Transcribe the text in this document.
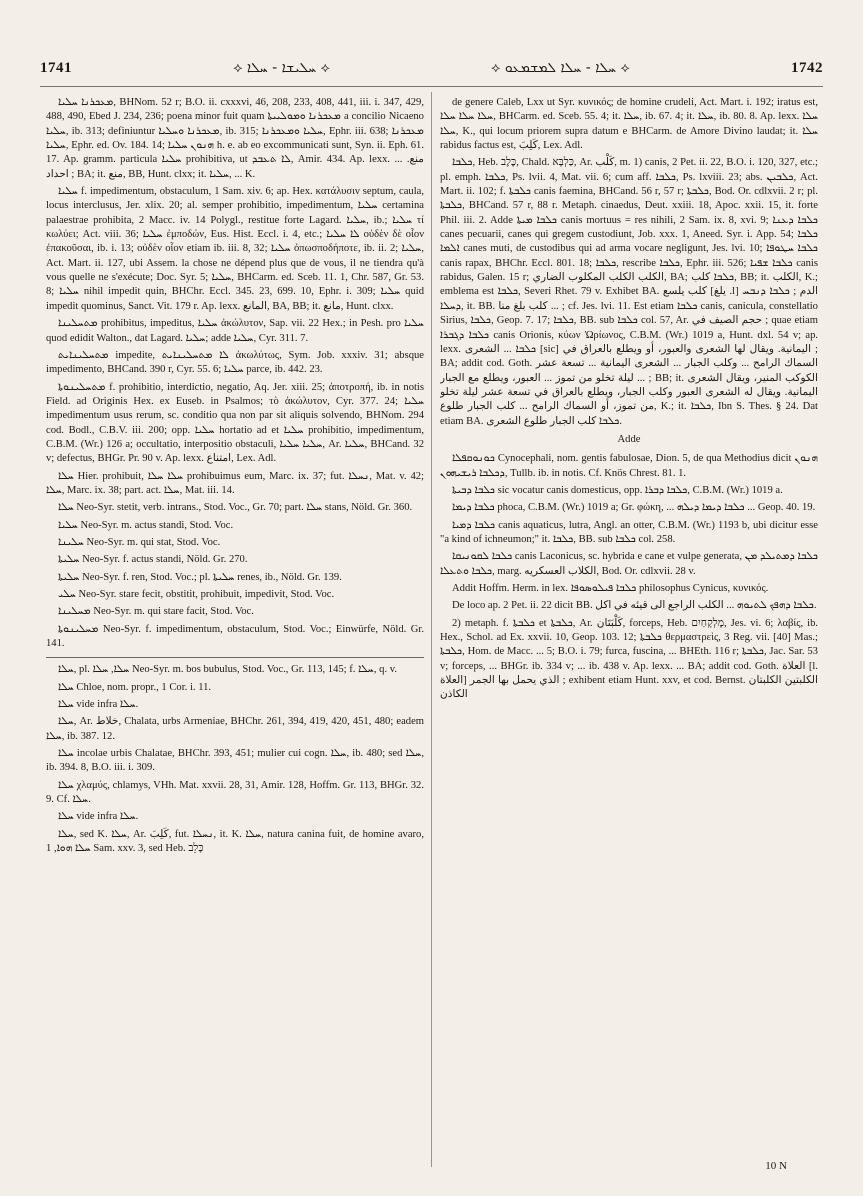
1741	⟡ ܚܠܝܫܐ - ܚܠܐ ⟡	⟡ ܚܠܐ - ܚܠܐ ܠܡܫܡܥܘ ⟡	1742

ܡܥܟܪܢܐ ܚܠܝܐ, BHNom. 52 r; B.O. ii. cxxxvi, 46, 208, 233, 408, 441, iii. i. 347, 429, 488, 490, Ebed J. 234, 236; poena minor fuit quam ܡܥܟܪܢܐ ܘܡܘܠܝܝܬܐ a concilio Nicaeno ܚܠܝܐ, ib. 313; definiuntur ܡܥܟܪܢܐ ܘܚܠܝܐ, ib. 315; ܚܠܝܐ ܘܡܥܟܪܢܐ, Ephr. iii. 638; ܡܥܟܪܢܐ ܚܠܝܐ, Ephr. ed. Ov. 184. 14; ܗܢܘܢ ܚܠܝܐ h. e. ab eo excommunicati sunt, Syn. ii. Eph. 61. 17. Ap. gramm. particula ܚܠܝܐ prohibitiva, ut ܠܐ ܬܥܒܕ, Amir. 434. Ap. lexx. ... منع. احداد ; BA; it. منع, BB, Hunt. clxx; it. ܚܠܝܐ, ... K.

ܚܠܝܐ f. impedimentum, obstaculum, 1 Sam. xiv. 6; ap. Hex. κατάλυσιν septum, caula, locus interclusus, Jer. xlix. 20; al. semper prohibitio, impedimentum, ܚܠܝܐ certamina palaestrae prohibita, 2 Macc. iv. 14 Polygl., restitue forte Lagard. ܚܠܝܐ, ib.; ܚܠܝܐ τί κωλύει; Act. viii. 36; ܚܠܝܐ ἐμποδών, Eus. Hist. Eccl. i. 4, etc.; ܠܐ ܚܠܝܐ οὐδὲν δὲ οἷον ἐπακοῦσαι, ib. i. 13; οὐδὲν οἷον etiam ib. iii. 8, 32; ܚܠܝܐ ὀπωσποδήποτε, ib. ii. 2; ܚܠܝܐ, Act. Mart. ii. 127, ubi Assem. la chose ne dépend plus que de vous, il ne tiendra qu'à vous quelle ne s'exécute; Doc. Syr. 5; ܚܠܝܐ, BHCarm. ed. Sceb. 11. 1, Chr. 587, Gr. 53. 8; ܚܠܝܐ nihil impedit quin, BHChr. Eccl. 345. 23, 699. 10, Ephr. i. 309; ܚܠܝܐ quid impedit quominus, Sanct. Vit. 179 r. Ap. lexx. المانع, BA, BB; it. مانع, Hunt. clxx.

ܡܬܚܠܝܢܐ prohibitus, impeditus, ܚܠܝܐ ἀκώλυτον, Sap. vii. 22 Hex.; in Pesh. pro ܚܠܝܐ quod edidit Walton., dat Lagard. ܚܠܝܐ; adde ܚܠܝܐ, Cyr. 311. 7.

ܡܬܚܠܝܢܐܝܬ impedite, ܠܐ ܡܬܚܠܝܢܐܝܬ ἀκωλύτως, Sym. Job. xxxiv. 31; absque impedimento, BHCand. 390 r, Cyr. 55. 6; ܚܠܝܐ parce, ib. 442. 23.

ܡܬܚܠܝܢܘܬܐ f. prohibitio, interdictio, negatio, Aq. Jer. xiii. 25; ἀποτροπή, ib. in notis Field. ad Originis Hex. ex Euseb. in Psalmos; τὸ ἀκώλυτον, Cyr. 377. 24; ܚܠܝܐ impedimentum usus rerum, sc. conditio qua non par sit aliquis solvendo, BHNom. 294 cod. Bodl., C.B.V. iii. 200; opp. ܚܠܝܐ hortatio ad et ܚܠܝܐ prohibitio, impedimentum, C.B.M. (Wr.) 126 a; occultatio, interpositio obstaculi, ܚܠܝܐ ܚܠܝܐ, Ar. ܚܠܝܐ, BHCand. 32 v; defectus, BHGr. Pr. 90 v. Ap. lexx. امتناع, Lex. Adl.

ܚܠܐ Hier. prohibuit, ܚܠܐ ܚܠܐ prohibuimus eum, Marc. ix. 37; fut. ܢܚܠܐ, Mat. v. 42; ܚܠܐ, Marc. ix. 38; part. act. ܚܠܐ, Mat. iii. 14.

ܚܠܐ Neo-Syr. stetit, verb. intrans., Stod. Voc., Gr. 70; part. ܚܠܐ stans, Nöld. Gr. 360.

ܚܠܝܐ Neo-Syr. m. actus standi, Stod. Voc.

ܚܠܝܢܐ Neo-Syr. m. qui stat, Stod. Voc.

ܚܠܝܬܐ Neo-Syr. f. actus standi, Nöld. Gr. 270.

ܚܠܝܬܐ Neo-Syr. f. ren, Stod. Voc.; pl. ܚܠܝܬܐ renes, ib., Nöld. Gr. 139.

ܚܠܝ Neo-Syr. stare fecit, obstitit, prohibuit, impedivit, Stod. Voc.

ܡܚܠܝܢܐ Neo-Syr. m. qui stare facit, Stod. Voc.

ܡܚܠܝܢܘܬܐ Neo-Syr. f. impedimentum, obstaculum, Stod. Voc.; Einwürfe, Nöld. Gr. 141.

ܚܠܐ, pl. ܚܠܐ, ܚܠܐ Neo-Syr. m. bos bubulus, Stod. Voc., Gr. 113, 145; f. ܚܠܐ, q. v.

ܚܠܐ Chloe, nom. propr., 1 Cor. i. 11.

ܚܠܐ vide infra ܚܠܐ.

ܚܠܐ, Ar. خلاط, Chalata, urbs Armeniae, BHChr. 261, 394, 419, 420, 451, 480; eadem ܚܠܐ, ib. 387. 12.

ܚܠܐ incolae urbis Chalatae, BHChr. 393, 451; mulier cui cogn. ܚܠܐ, ib. 480; sed ܚܠܐ, ib. 394. 8, B.O. iii. i. 309.

ܚܠܐ χλαμύς, chlamys, VHh. Mat. xxvii. 28, 31, Amir. 128, Hoffm. Gr. 113, BHGr. 32. 9. Cf. ܚܠܐ.

ܚܠܐ vide infra ܚܠܐ.

ܚܠܐ, sed K. ܚܠܐ, Ar. كَلِبَ, fut. ܢܚܠܐ, it. K. ܚܠܐ, natura canina fuit, de homine avaro, ܚܠܐ ܗܘܐ, 1 Sam. xxv. 3, sed Heb. כָּלֵב

de genere Caleb, Lxx ut Syr. κυνικός; de homine crudeli, Act. Mart. i. 192; iratus est, ܚܠܐ ܚܠܐ ܚܠܐ, BHCarm. ed. Sceb. 55. 4; it. ܚܠܐ, ib. 67. 4; it. ܚܠܐ, ib. 80. 8. Ap. lexx. ܚܠܐ ܚܠܐ, K., qui locum priorem supra datum e BHCarm. de Amore Divino laudat; it. ܚܠܐ rabidus factus est, كَلِبَ, Lex. Adl.

ܟܠܒܐ, Heb. כֶּלֶב, Chald. כַּלְבָּא, Ar. كَلْب, m. 1) canis, 2 Pet. ii. 22, B.O. i. 120, 327, etc.; pl. emph. ܟܠܒܐ, Ps. lvii. 4, Mat. vii. 6; cum aff. ܟܠܒܐ, Ps. lxviii. 23; abs. ܟܠܒܝܢ, Act. Mart. ii. 102; f. ܟܠܒܬܐ canis faemina, BHCand. 56 r, 57 r; ܟܠܒܬܐ, Bod. Or. cdlxvii. 2 r; pl. ܟܠܒܬܐ, BHCand. 57 r, 88 r. Metaph. cinaedus, Deut. xxiii. 18, Apoc. xxii. 15, it. forte Phil. iii. 2. Adde ܟܠܒܐ ܡܝܬܐ canis mortuus = res nihili, 2 Sam. ix. 8, xvi. 9; ܟܠܒܐ ܕܥܢܐ canes pecuarii, canes qui gregem custodiunt, Job. xxx. 1, Aneed. Syr. i. App. 54; ܟܠܒܐ ܐܠܡܐ canes muti, de custodibus qui ad arma vocare negligunt, Jes. lvi. 10; ܟܠܒܐ ܚܛܘܦܐ canis rapax, BHChr. Eccl. 801. 18; ܟܠܒܐ, rescribe ܟܠܒܐ, Ephr. iii. 526; ܟܠܒܐ ܫܦܝܐ canis rabidus, Galen. 15 r; الكلب الكلب المكلوب الضاري, BA; ܟܠܒܐ كلب, BB; it. الكلب, K.; emblema est ܟܠܒܐ, Severi Rhet. 79 v. Exhibet BA. كلب يلسع [يلغ .l] الدم ; ܟܠܒܐ ܕܢܒܚ ܕܚܠܐ, it. BB. كلب بلغ منا ... ; cf. Jes. lvi. 11. Est etiam ܟܠܒܐ canis, canicula, constellatio Sirius, ܟܠܒܐ, Geop. 7. 17; ܟܠܒܐ, BB. sub ܟܠܒܐ col. 57, Ar. حجم الصيف في ; quae etiam ܟܠܒܐ ܕܓܒܪܐ canis Orionis, κύων Ὠρίωνος, C.B.M. (Wr.) 1019 a, Hunt. dxl. 54 v; ap. lexx. ܟܠܒܐ ... الشعرى [sic] اليمانية. ويقال لها الشعرى والعبور، أو ويطلع بالعراق في ; BA; addit cod. Goth. السماك الرامح ... وكلب الجبار ... الشعرى اليمانية ... تسعة عشر ليلة تخلو من تموز ... العبور، ويطلع مع الجبار ... ; BB; it. الكوكب المنير، ويقال الشعرى اليمانية. ويقال له الشعرى العبور وكلب الجبار، ويطلع بالعراق في تسعة عشر ليلة تخلو من تموز، أو السماك الرامح ... كلب الجبار طلوع, K.; it. ܟܠܒܐ, Ibn S. Thes. § 24. Dat etiam BA. ܟܠܒܐ كلب الجبار طلوع الشعرى.

Adde

ܟܘܢܘܩܦܠܐ Cynocephali, nom. gentis fabulosae, Dion. 5, de qua Methodius dicit ܗܢܘܢ ܕܟܠܒܐ ܪܝܫܝܗܘܢ, Tullb. ib. in notis. Cf. Knös Chrest. 81. 1.

ܟܠܒܐ ܕܒܝܬܐ sic vocatur canis domesticus, opp. ܟܠܒܐ ܕܒܪܐ, C.B.M. (Wr.) 1019 a.

ܟܠܒܐ ܕܝܡܐ phoca, C.B.M. (Wr.) 1019 a; Gr. φώκη, ... ܟܠܒܐ ܕܝܡܐ ܕܝܠܗ ... Geop. 40. 19.

ܟܠܒܐ ܕܡܝܐ canis aquaticus, lutra, Angl. an otter, C.B.M. (Wr.) 1193 b, ubi dicitur esse "a kind of ichneumon;" it. ܟܠܒܐ, BB. sub ܟܠܒܐ col. 258.

ܟܠܒܐ ܠܩܘܢܝܩܐ canis Laconicus, sc. hybrida e cane et vulpe generata, ܟܠܒܐ ܕܡܬܝܠܕ ܡܢ ܟܠܒܐ ܘܬܥܠܐ, marg. الكلاب العسكريه, Bod. Or. cdlxvii. 28 v.

Addit Hoffm. Herm. in lex. ܟܠܒܐ ܦܝܠܘܣܘܦܐ philosophus Cynicus, κυνικός.

De loco ap. 2 Pet. ii. 22 dicit BB. ܟܠܒܐ ܕܗܦܟ ܠܬܝܘܗ ... الكلب الراجع الى قيئه في اكل.

2) metaph. f. ܟܠܒܬܐ et ܟܠܒܬܐ, Ar. كَلْبَتَان, forceps, Heb. מֶלְקָחַיִם, Jes. vi. 6; λαβίς, ib. Hex., Schol. ad Ex. xxvii. 10, Geop. 103. 12; ܟܠܒܬܐ θερμαστρεὶς, 3 Reg. vii. [40] Mas.; ܟܠܒܬܐ, Hom. de Macc. ... 5; B.O. i. 79; furca, fuscina, ... BHEth. 116 r; ܟܠܒܬܐ, Jac. Sar. 53 v; forceps, ... BHGr. ib. 334 v; ... ib. 438 v. Ap. lexx. ... BA; addit cod. Goth. العلاة [l. العلاة] الذي يحمل بها الجمر ; exhibent etiam Hunt. xxv, et cod. Bernst. الكلبتين الكلبتان الكاذن

10 N
